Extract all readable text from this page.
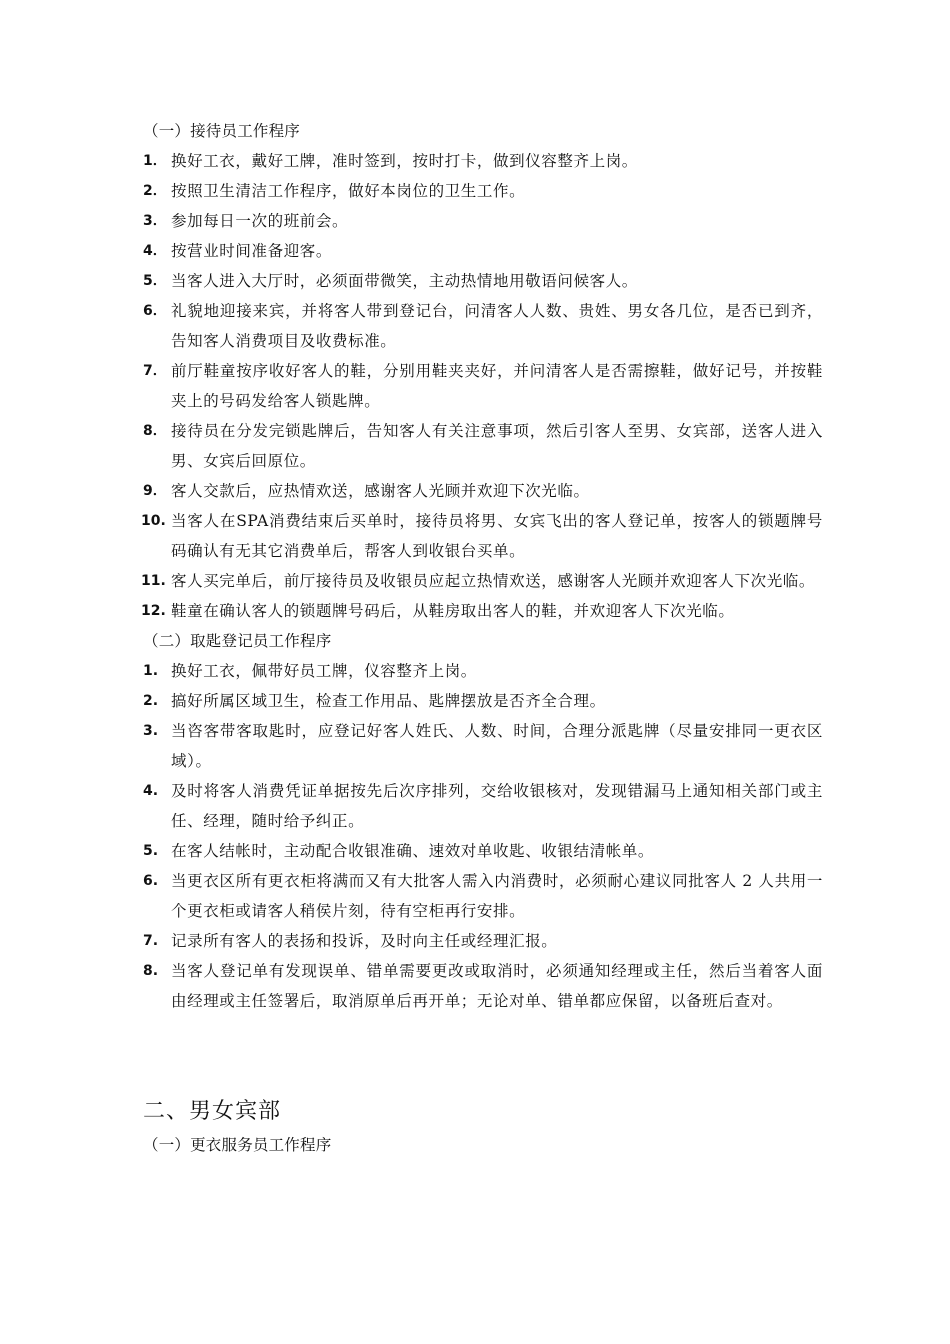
（一）接待员工作程序
1． 换好工衣，戴好工牌，准时签到，按时打卡，做到仪容整齐上岗。
2． 按照卫生清洁工作程序，做好本岗位的卫生工作。
3． 参加每日一次的班前会。
4． 按营业时间准备迎客。
5． 当客人进入大厅时，必须面带微笑，主动热情地用敬语问候客人。
6． 礼貌地迎接来宾，并将客人带到登记台，问清客人人数、贵姓、男女各几位，是否已到齐，告知客人消费项目及收费标准。
7． 前厅鞋童按序收好客人的鞋，分别用鞋夹夹好，并问清客人是否需擦鞋，做好记号，并按鞋夹上的号码发给客人锁匙牌。
8． 接待员在分发完锁匙牌后，告知客人有关注意事项，然后引客人至男、女宾部，送客人进入男、女宾后回原位。
9． 客人交款后，应热情欢送，感谢客人光顾并欢迎下次光临。
10. 当客人在SPA消费结束后买单时，接待员将男、女宾飞出的客人登记单，按客人的锁题牌号码确认有无其它消费单后，帮客人到收银台买单。
11. 客人买完单后，前厅接待员及收银员应起立热情欢送，感谢客人光顾并欢迎客人下次光临。
12. 鞋童在确认客人的锁题牌号码后，从鞋房取出客人的鞋，并欢迎客人下次光临。
（二）取匙登记员工作程序
1. 换好工衣，佩带好员工牌，仪容整齐上岗。
2. 搞好所属区域卫生，检查工作用品、匙牌摆放是否齐全合理。
3. 当咨客带客取匙时，应登记好客人姓氏、人数、时间，合理分派匙牌（尽量安排同一更衣区域）。
4. 及时将客人消费凭证单据按先后次序排列，交给收银核对，发现错漏马上通知相关部门或主任、经理，随时给予纠正。
5. 在客人结帐时，主动配合收银准确、速效对单收匙、收银结清帐单。
6. 当更衣区所有更衣柜将满而又有大批客人需入内消费时，必须耐心建议同批客人 2 人共用一个更衣柜或请客人稍侯片刻，待有空柜再行安排。
7. 记录所有客人的表扬和投诉，及时向主任或经理汇报。
8. 当客人登记单有发现误单、错单需要更改或取消时，必须通知经理或主任，然后当着客人面由经理或主任签署后，取消原单后再开单；无论对单、错单都应保留，以备班后查对。
二、男女宾部
（一）更衣服务员工作程序
